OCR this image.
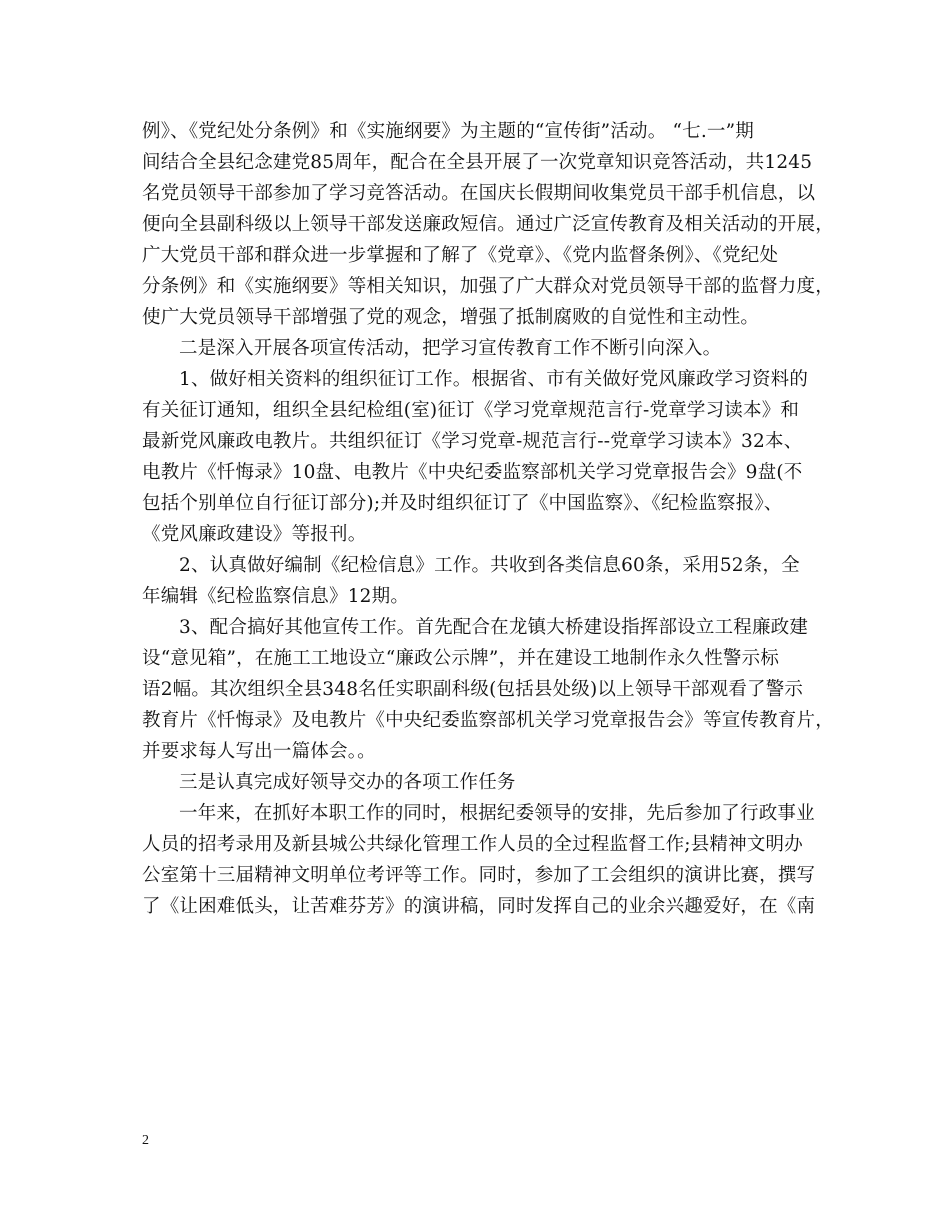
例》、《党纪处分条例》和《实施纲要》为主题的“宣传街”活动。 “七.一”期
间结合全县纪念建党85周年，配合在全县开展了一次党章知识竞答活动，共1245
名党员领导干部参加了学习竞答活动。在国庆长假期间收集党员干部手机信息，以
便向全县副科级以上领导干部发送廉政短信。通过广泛宣传教育及相关活动的开展，
广大党员干部和群众进一步掌握和了解了《党章》、《党内监督条例》、《党纪处
分条例》和《实施纲要》等相关知识，加强了广大群众对党员领导干部的监督力度，
使广大党员领导干部增强了党的观念，增强了抵制腐败的自觉性和主动性。
二是深入开展各项宣传活动，把学习宣传教育工作不断引向深入。
1、做好相关资料的组织征订工作。根据省、市有关做好党风廉政学习资料的
有关征订通知，组织全县纪检组(室)征订《学习党章规范言行-党章学习读本》和
最新党风廉政电教片。共组织征订《学习党章-规范言行--党章学习读本》32本、
电教片《忏悔录》10盘、电教片《中央纪委监察部机关学习党章报告会》9盘(不
包括个别单位自行征订部分);并及时组织征订了《中国监察》、《纪检监察报》、
《党风廉政建设》等报刊。
2、认真做好编制《纪检信息》工作。共收到各类信息60条，采用52条，全
年编辑《纪检监察信息》12期。
3、配合搞好其他宣传工作。首先配合在龙镇大桥建设指挥部设立工程廉政建
设“意见箱”，在施工工地设立“廉政公示牌”，并在建设工地制作永久性警示标
语2幅。其次组织全县348名任实职副科级(包括县处级)以上领导干部观看了警示
教育片《忏悔录》及电教片《中央纪委监察部机关学习党章报告会》等宣传教育片，
并要求每人写出一篇体会。。
三是认真完成好领导交办的各项工作任务
一年来，在抓好本职工作的同时，根据纪委领导的安排，先后参加了行政事业
人员的招考录用及新县城公共绿化管理工作人员的全过程监督工作;县精神文明办
公室第十三届精神文明单位考评等工作。同时，参加了工会组织的演讲比赛，撰写
了《让困难低头，让苦难芬芳》的演讲稿，同时发挥自己的业余兴趣爱好，在《南
2
